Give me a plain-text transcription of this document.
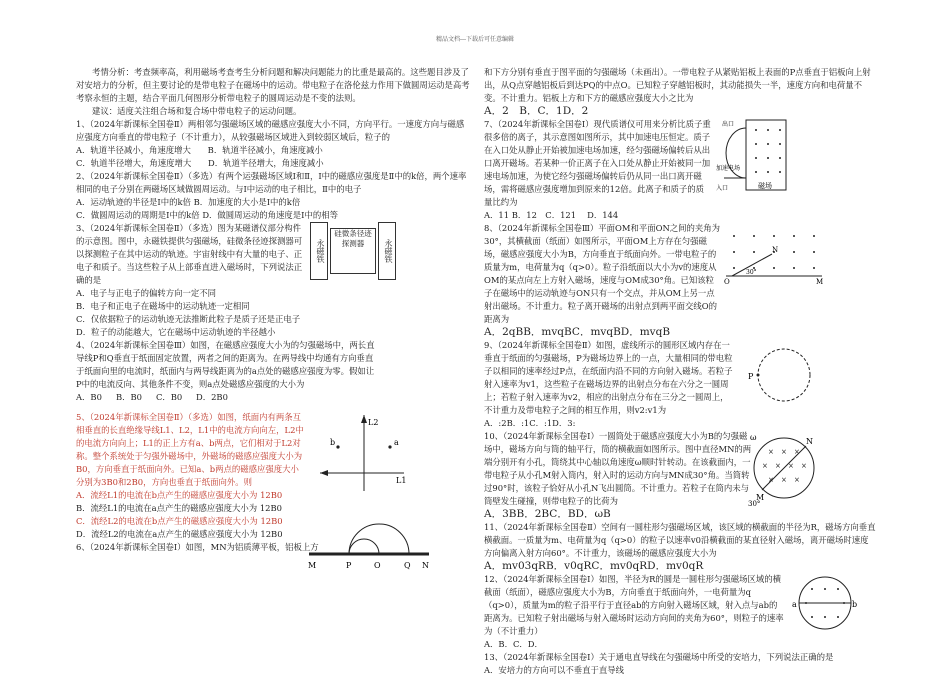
精品文档---下载后可任意编辑

考情分析：考查频率高，利用磁场考查考生分析问题和解决问题能力的比重是最高的。这些题目涉及了对安培力的分析，但主要讨论的是带电粒子在磁场中的运动。带电粒子在洛伦兹力作用下做圆周运动是高考考察永恒的主题，结合平面几何图形分析带电粒子的圆周运动是不变的法则。

建议：适度关注组合场和复合场中带电粒子的运动问题。

1、（2024年新课标全国卷Ⅱ）两相邻匀强磁场区域的磁感应强度大小不同，方向平行。一速度方向与磁感应强度方向垂直的带电粒子（不计重力），从较强磁场区域进入到较弱区域后，粒子的

A．轨道半径减小，角速度增大　　B．轨道半径减小，角速度减小

C．轨道半径增大，角速度增大　　D．轨道半径增大，角速度减小

2、（2024年新课标全国卷Ⅱ）（多选）有两个运强磁场区域Ⅰ和Ⅱ，Ⅰ中的磁感应强度是Ⅱ中的k倍，两个速率相同的电子分别在两磁场区域做圆周运动。与Ⅰ中运动的电子相比，Ⅱ中的电子

A．运动轨迹的半径是Ⅰ中的k倍 B．加速度的大小是Ⅰ中的k倍

C．做圆周运动的周期是Ⅰ中的k倍 D．做圆周运动的角速度是Ⅰ中的相等

3、（2024年新课标全国卷Ⅱ）（多选）图为某磁谱仪部分构件的示意图。图中，永磁铁提供匀强磁场，硅微条径迹探测器可以探测粒子在其中运动的轨迹。宇宙射线中有大量的电子、正电子和质子。当这些粒子从上部垂直进入磁场时，下列说法正确的是

A．电子与正电子的偏转方向一定不同

B．电子和正电子在磁场中的运动轨迹一定相同

C．仅依据粒子的运动轨迹无法推断此粒子是质子还是正电子

D．粒子的动能越大，它在磁场中运动轨迹的半径越小

永磁铁
硅微条径迹探测器	永磁铁

4、（2024年新课标全国卷Ⅲ）如图，在磁感应强度大小为的匀强磁场中，两长直导线P和Q垂直于纸面固定放置，两者之间的距离为。在两导线中均通有方向垂直于纸面向里的电流时，纸面内与两导线距离为的a点处的磁感应强度为零。假如让P中的电流反向、其他条件不变，则a点处磁感应强度的大小为

A．B0 B．B0 C．B0 D．2B0

5、（2024年新课标全国卷Ⅱ）（多选）如图，纸面内有两条互相垂直的长直绝缘导线L1、L2，L1中的电流方向向左，L2中的电流方向向上；L1的正上方有a、b两点，它们相对于L2对称。整个系统处于匀强外磁场中，外磁场的磁感应强度大小为B0，方向垂直于纸面向外。已知a、b两点的磁感应强度大小分别为3B0和2B0，方向也垂直于纸面向外。则

A．流经L1的电流在b点产生的磁感应强度大小为 12B0

B．流经L1的电流在a点产生的磁感应强度大小为 12B0

C．流经L2的电流在b点产生的磁感应强度大小为 12B0

D．流经L2的电流在a点产生的磁感应强度大小为 12B0

L2
L1
b	a

6、（2024年新课标全国卷Ⅰ）如图，MN为铝质薄平板，铝板上方

M	P	O	Q N

和下方分别有垂直于图平面的匀强磁场（未画出）。一带电粒子从紧贴铝板上表面的P点垂直于铝板向上射出，从Q点穿越铝板后到达PQ的中点O。已知粒子穿越铝板时，其动能损失一半，速度方向和电荷量不变。不计重力。铝板上方和下方的磁感应强度大小之比为

A．2　B．C．1D．2

7、（2024年新课标全国卷Ⅰ）现代质谱仪可用来分析比质子重很多倍的离子，其示意图如图所示，其中加速电压恒定。质子在入口处从静止开始被加速电场加速，经匀强磁场偏转后从出口离开磁场。若某种一价正离子在入口处从静止开始被同一加速电场加速，为使它经匀强磁场偏转后仍从同一出口离开磁场，需将磁感应强度增加到原来的12倍。此离子和质子的质量比约为

A．11 B．12　C．121　 D．144

磁场
加速电场
出口
入口

8、（2024年新课标全国卷Ⅲ）平面OM和平面ON之间的夹角为30°，其横截面（纸面）如图所示，平面OM上方存在匀强磁场，磁感应强度大小为B，方向垂直于纸面向外。一带电粒子的质量为m，电荷量为q（q>0）。粒子沿纸面以大小为v的速度从OM的某点向左上方射入磁场，速度与OM成30°角。已知该粒子在磁场中的运动轨迹与ON只有一个交点，并从OM上另一点射出磁场。不计重力。粒子离开磁场的出射点到两平面交线O的距离为

A．2qBB．mvqBC．mvqBD．mvqB

O	M
N
30°

9、（2024年新课标全国卷Ⅱ）如图，虚线所示的圆形区域内存在一垂直于纸面的匀强磁场，P为磁场边界上的一点，大量相同的带电粒子以相同的速率经过P点，在纸面内沿不同的方向射入磁场。若粒子射入速率为v1，这些粒子在磁场边界的出射点分布在六分之一圆周上；若粒子射入速率为v2，相应的出射点分布在三分之一圆周上，不计重力及带电粒子之间的相互作用，则v2:v1为

A．:2B．:1C．:1D．3:

P

10、（2024年新课标全国卷Ⅰ）一圆筒处于磁感应强度大小为B的匀强磁场中，磁场方向与筒的轴平行，筒的横截面如图所示。图中直径MN的两端分别开有小孔，筒绕其中心轴以角速度ω顺时针转动。在该截面内，一带电粒子从小孔M射入筒内，射入时的运动方向与MN成30°角。当筒转过90°时，该粒子恰好从小孔N飞出圆筒。不计重力。若粒子在筒内未与筒壁发生碰撞，则带电粒子的比荷为

A．3BB．2BC．BD．ωB

× × ×
× × × ×
× × ×
M
N
ω
30°

11、（2024年新课标全国卷Ⅱ）空间有一圆柱形匀强磁场区域，该区域的横截面的半径为R，磁场方向垂直横截面。一质量为m、电荷量为q（q>0）的粒子以速率v0沿横截面的某直径射入磁场，离开磁场时速度方向偏离入射方向60°。不计重力，该磁场的磁感应强度大小为

A．mv03qRB．v0qRC．mv0qRD．mv0qR

12、（2024年新课标全国卷Ⅰ）如图，半径为R的圆是一圆柱形匀强磁场区域的横截面（纸面），磁感应强度大小为B，方向垂直于纸面向外，一电荷量为q（q>0），质量为m的粒子沿平行于直径ab的方向射入磁场区域，射入点与ab的距离为。已知粒子射出磁场与射入磁场时运动方向间的夹角为60°，则粒子的速率为（不计重力）

A．B．C．D．

a	b

13、（2024年新课标全国卷Ⅰ）关于通电直导线在匀强磁场中所受的安培力，下列说法正确的是

A．安培力的方向可以不垂直于直导线
